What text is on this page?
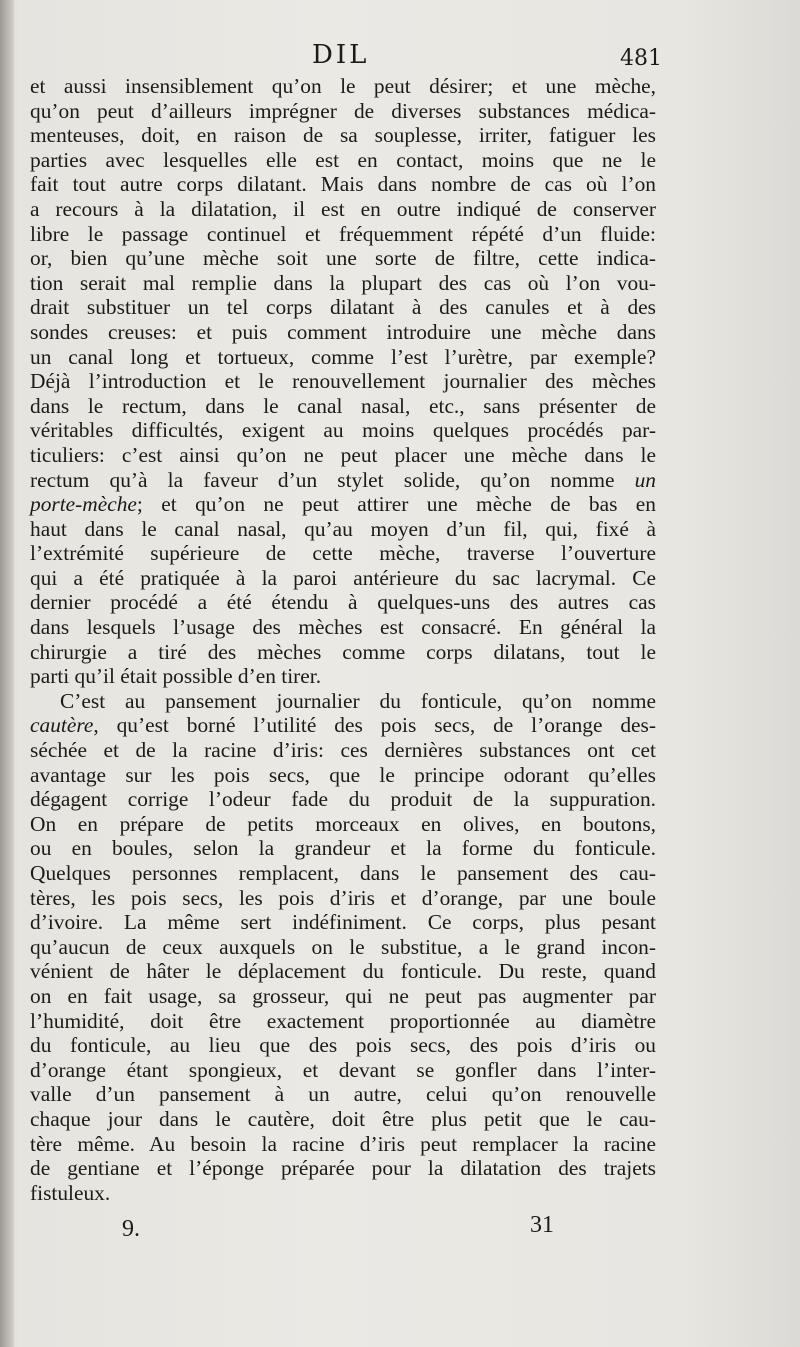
DIL	481
et aussi insensiblement qu’on le peut désirer; et une mèche,
qu’on peut d’ailleurs imprégner de diverses substances médica-
menteuses, doit, en raison de sa souplesse, irriter, fatiguer les
parties avec lesquelles elle est en contact, moins que ne le
fait tout autre corps dilatant. Mais dans nombre de cas où l’on
a recours à la dilatation, il est en outre indiqué de conserver
libre le passage continuel et fréquemment répété d’un fluide:
or, bien qu’une mèche soit une sorte de filtre, cette indica-
tion serait mal remplie dans la plupart des cas où l’on vou-
drait substituer un tel corps dilatant à des canules et à des
sondes creuses: et puis comment introduire une mèche dans
un canal long et tortueux, comme l’est l’urètre, par exemple?
Déjà l’introduction et le renouvellement journalier des mèches
dans le rectum, dans le canal nasal, etc., sans présenter de
véritables difficultés, exigent au moins quelques procédés par-
ticuliers: c’est ainsi qu’on ne peut placer une mèche dans le
rectum qu’à la faveur d’un stylet solide, qu’on nomme un
porte-mèche; et qu’on ne peut attirer une mèche de bas en
haut dans le canal nasal, qu’au moyen d’un fil, qui, fixé à
l’extrémité supérieure de cette mèche, traverse l’ouverture
qui a été pratiquée à la paroi antérieure du sac lacrymal. Ce
dernier procédé a été étendu à quelques-uns des autres cas
dans lesquels l’usage des mèches est consacré. En général la
chirurgie a tiré des mèches comme corps dilatans, tout le
parti qu’il était possible d’en tirer.
C’est au pansement journalier du fonticule, qu’on nomme
cautère, qu’est borné l’utilité des pois secs, de l’orange des-
séchée et de la racine d’iris: ces dernières substances ont cet
avantage sur les pois secs, que le principe odorant qu’elles
dégagent corrige l’odeur fade du produit de la suppuration.
On en prépare de petits morceaux en olives, en boutons,
ou en boules, selon la grandeur et la forme du fonticule.
Quelques personnes remplacent, dans le pansement des cau-
tères, les pois secs, les pois d’iris et d’orange, par une boule
d’ivoire. La même sert indéfiniment. Ce corps, plus pesant
qu’aucun de ceux auxquels on le substitue, a le grand incon-
vénient de hâter le déplacement du fonticule. Du reste, quand
on en fait usage, sa grosseur, qui ne peut pas augmenter par
l’humidité, doit être exactement proportionnée au diamètre
du fonticule, au lieu que des pois secs, des pois d’iris ou
d’orange étant spongieux, et devant se gonfler dans l’inter-
valle d’un pansement à un autre, celui qu’on renouvelle
chaque jour dans le cautère, doit être plus petit que le cau-
tère même. Au besoin la racine d’iris peut remplacer la racine
de gentiane et l’éponge préparée pour la dilatation des trajets
fistuleux.
9.	31
